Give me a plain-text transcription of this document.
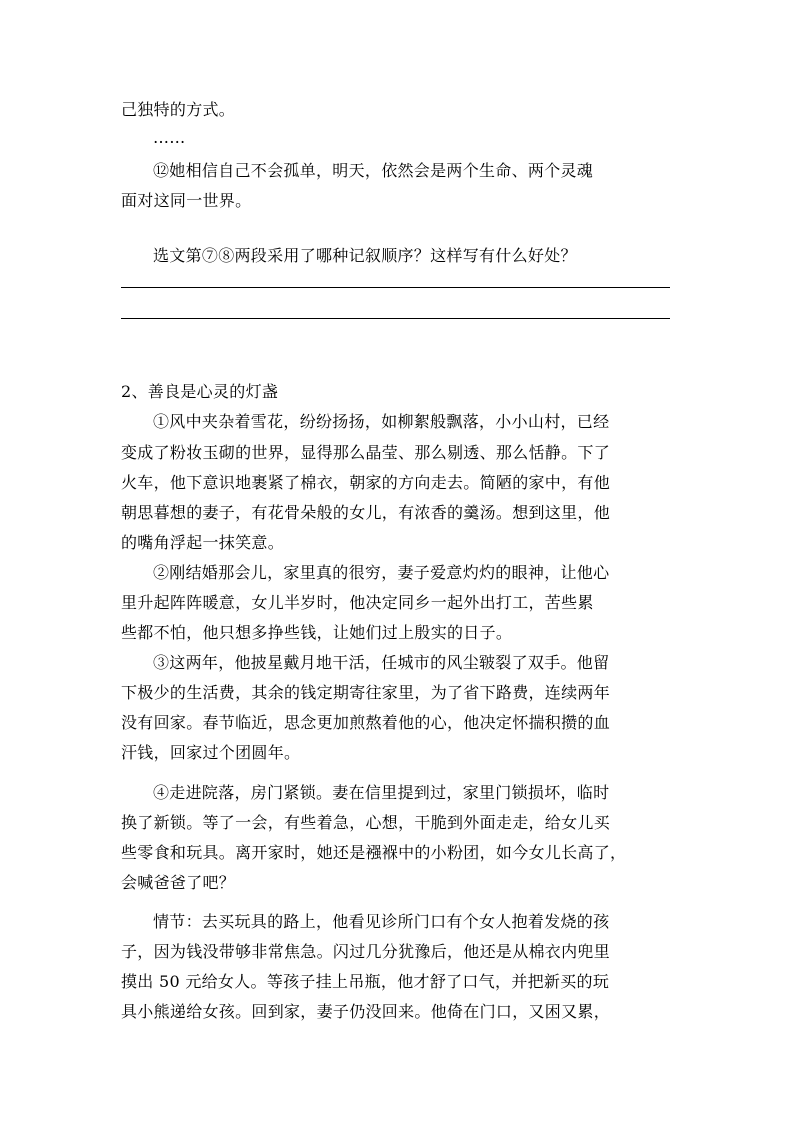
己独特的方式。
……
⑫她相信自己不会孤单，明天，依然会是两个生命、两个灵魂
面对这同一世界。
选文第⑦⑧两段采用了哪种记叙顺序？这样写有什么好处？
2、善良是心灵的灯盏
①风中夹杂着雪花，纷纷扬扬，如柳絮般飘落，小小山村，已经
变成了粉妆玉砌的世界，显得那么晶莹、那么剔透、那么恬静。下了
火车，他下意识地裹紧了棉衣，朝家的方向走去。简陋的家中，有他
朝思暮想的妻子，有花骨朵般的女儿，有浓香的羹汤。想到这里，他
的嘴角浮起一抹笑意。
②刚结婚那会儿，家里真的很穷，妻子爱意灼灼的眼神，让他心
里升起阵阵暖意，女儿半岁时，他决定同乡一起外出打工，苦些累
些都不怕，他只想多挣些钱，让她们过上殷实的日子。
③这两年，他披星戴月地干活，任城市的风尘皲裂了双手。他留
下极少的生活费，其余的钱定期寄往家里，为了省下路费，连续两年
没有回家。春节临近，思念更加煎熬着他的心，他决定怀揣积攒的血
汗钱，回家过个团圆年。
④走进院落，房门紧锁。妻在信里提到过，家里门锁损坏，临时
换了新锁。等了一会，有些着急，心想，干脆到外面走走，给女儿买
些零食和玩具。离开家时，她还是襁褓中的小粉团，如今女儿长高了，
会喊爸爸了吧？
情节：去买玩具的路上，他看见诊所门口有个女人抱着发烧的孩
子，因为钱没带够非常焦急。闪过几分犹豫后，他还是从棉衣内兜里
摸出 50 元给女人。等孩子挂上吊瓶，他才舒了口气，并把新买的玩
具小熊递给女孩。回到家，妻子仍没回来。他倚在门口，又困又累，
